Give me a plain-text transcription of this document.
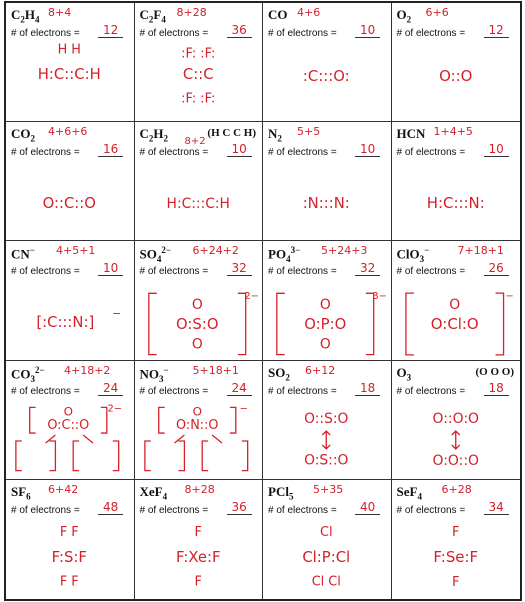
$C_2H_4$
8+4
# of electrons =	12
H H
H:C::C:H
$C_2F_4$
8+28
# of electrons =	36
:F: :F:
C::C
:F: :F:
CO 4+6
# of electrons =	10
:C:::O:
$O_2$
6+6
# of electrons =	12
O::O
$CO_2$
4+6+6
# of electrons =	16
O::C::O
$C_2H_2$ 8+2
(H C C H)
# of electrons =	10
H:C:::C:H
$N_2$
5+5
# of electrons =	10
:N:::N:
HCN 1+4+5
# of electrons =	10
H:C:::N:
CN− 4+5+1
# of electrons =	10
[:C:::N:]
−
$SO_4^{2-}$ 6+24+2
# of electrons =	32
O
O:S:O
O
2−
$PO_4^{3-}$ 5+24+3
# of electrons =	32
O
O:P:O
O
3−
ClO$_3$−	7+18+1
# of electrons =	26
O
O:Cl:O
−
$CO_3^{2-}$ 4+18+2
# of electrons =	24
O
O:C::O
2−
$NO_3^-$ 5+18+1
# of electrons =	24
O
O:N::O
−
$SO_2$
6+12
# of electrons =	18
O::S:O
O:S::O
$O_3$	(O O O)
# of electrons =	18
O::O:O
O:O::O
$SF_6$
6+42
# of electrons =	48
F F
F:S:F
F F
XeF$_4$
8+28
# of electrons =	36
F
F:Xe:F
F
PCl$_5$
5+35
# of electrons =	40
Cl
Cl:P:Cl
Cl Cl
SeF$_4$
6+28
# of electrons =	34
F
F:Se:F
F
